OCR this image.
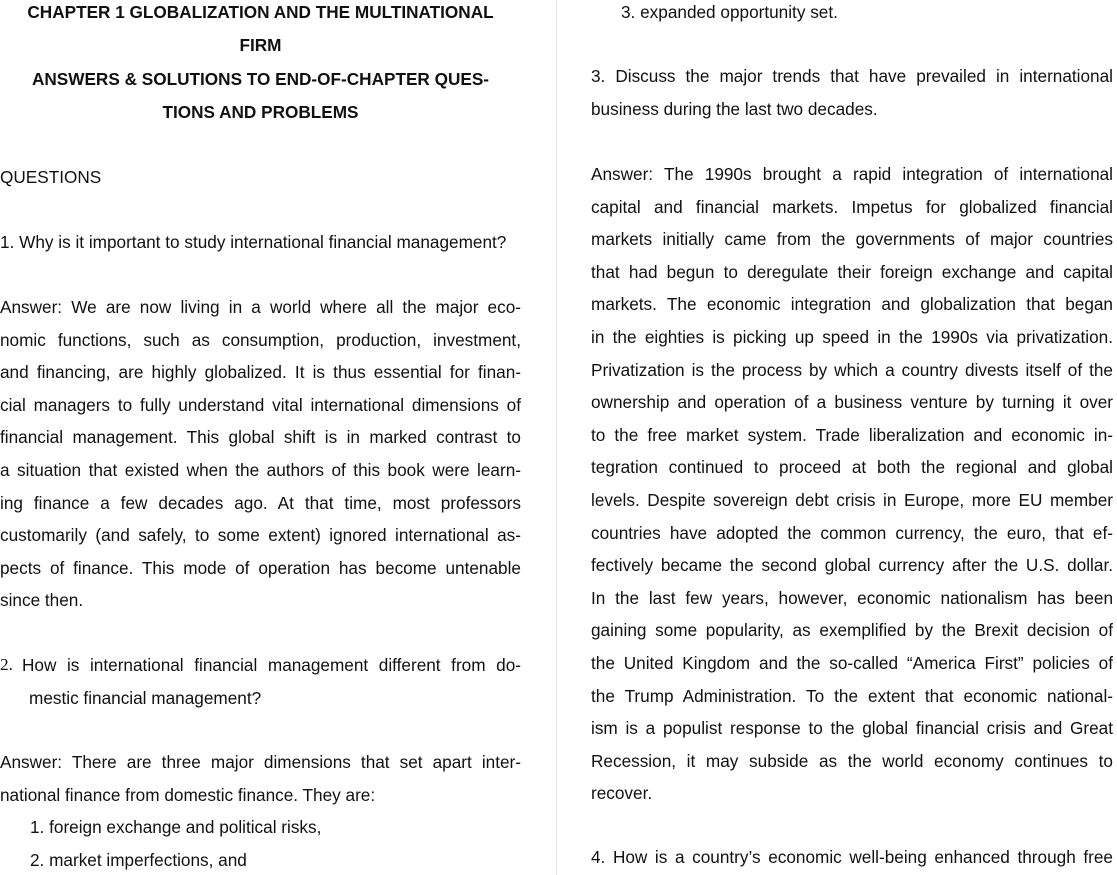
CHAPTER 1 GLOBALIZATION AND THE MULTINATIONAL
FIRM
ANSWERS & SOLUTIONS TO END-OF-CHAPTER QUES-
TIONS AND PROBLEMS
QUESTIONS
1. Why is it important to study international financial management?
2. How is international financial management different from do-
mestic financial management?
1. foreign exchange and political risks,
2. market imperfections, and
Answer: We are now living in a world where all the major eco-
nomic functions, such as consumption, production, investment,
and financing, are highly globalized. It is thus essential for finan-
cial managers to fully understand vital international dimensions of
financial management. This global shift is in marked contrast to
a situation that existed when the authors of this book were learn-
ing finance a few decades ago. At that time, most professors
customarily (and safely, to some extent) ignored international as-
pects of finance. This mode of operation has become untenable
since then.
Answer: There are three major dimensions that set apart inter-
national finance from domestic finance. They are:
3. expanded opportunity set.
4. How is a country’s economic well-being enhanced through free
3. Discuss the major trends that have prevailed in international
business during the last two decades.
Answer: The 1990s brought a rapid integration of international
capital and financial markets. Impetus for globalized financial
markets initially came from the governments of major countries
that had begun to deregulate their foreign exchange and capital
markets. The economic integration and globalization that began
in the eighties is picking up speed in the 1990s via privatization.
Privatization is the process by which a country divests itself of the
ownership and operation of a business venture by turning it over
to the free market system. Trade liberalization and economic in-
tegration continued to proceed at both the regional and global
levels. Despite sovereign debt crisis in Europe, more EU member
countries have adopted the common currency, the euro, that ef-
fectively became the second global currency after the U.S. dollar.
In the last few years, however, economic nationalism has been
gaining some popularity, as exemplified by the Brexit decision of
the United Kingdom and the so-called “America First” policies of
the Trump Administration. To the extent that economic national-
ism is a populist response to the global financial crisis and Great
Recession, it may subside as the world economy continues to
recover.
